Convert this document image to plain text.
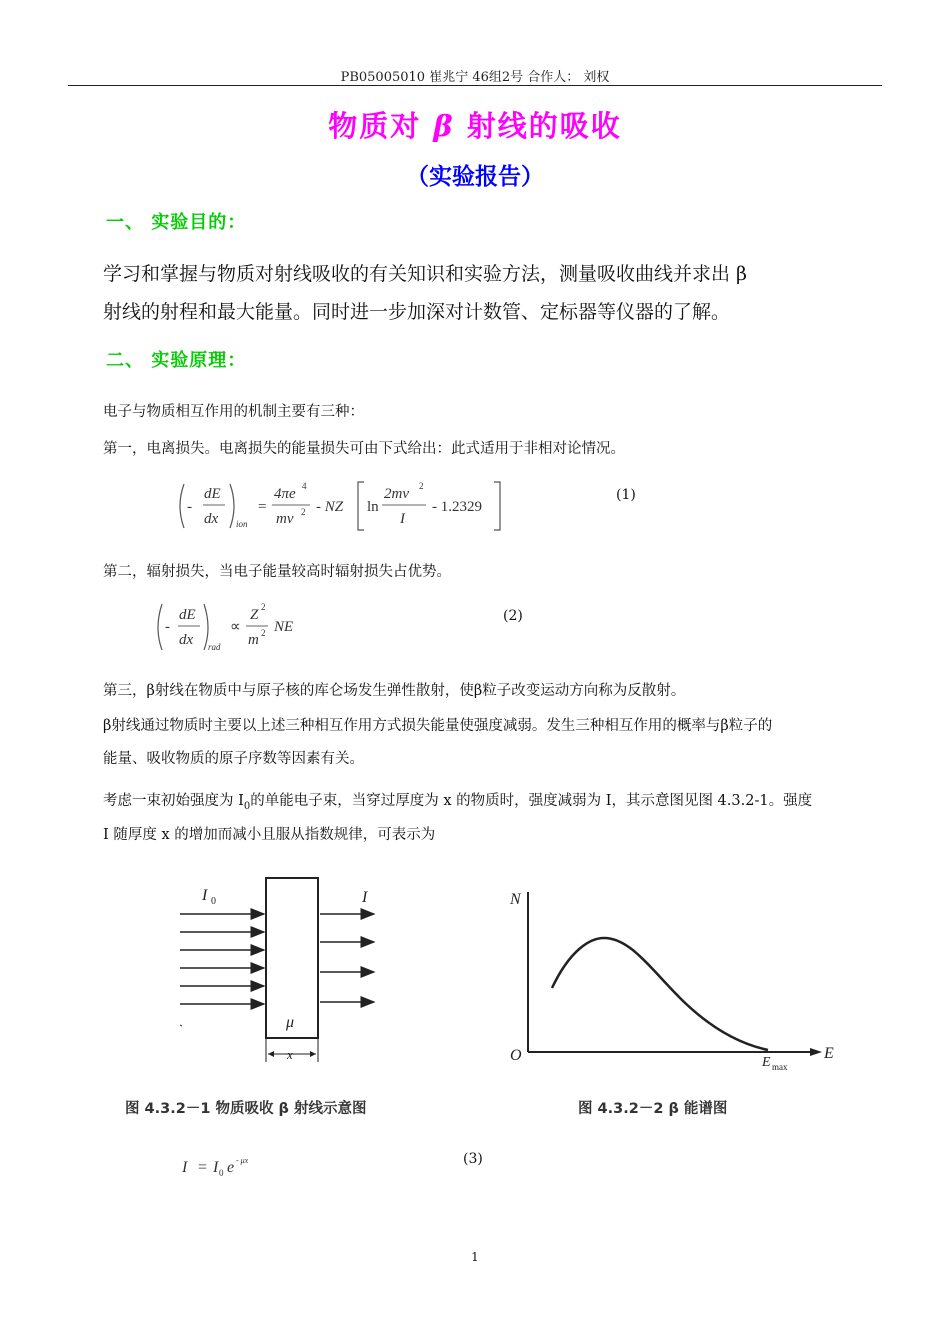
PB05005010 崔兆宁 46组2号 合作人： 刘权
物质对 β 射线的吸收
（实验报告）
一、 实验目的：
学习和掌握与物质对射线吸收的有关知识和实验方法，测量吸收曲线并求出 β
射线的射程和最大能量。同时进一步加深对计数管、定标器等仪器的了解。
二、 实验原理：
电子与物质相互作用的机制主要有三种：
第一，电离损失。电离损失的能量损失可由下式给出：此式适用于非相对论情况。
-
dE
dx ion
=
4πe 4
mv 2 - NZ ln
2mv 2
I
- 1.2329
(1)
第二，辐射损失，当电子能量较高时辐射损失占优势。
-
dE
dx rad
∝
Z 2
m 2 NE
(2)
第三，β射线在物质中与原子核的库仑场发生弹性散射，使β粒子改变运动方向称为反散射。
β射线通过物质时主要以上述三种相互作用方式损失能量使强度减弱。发生三种相互作用的概率与β粒子的
能量、吸收物质的原子序数等因素有关。
考虑一束初始强度为 $I_0$的单能电子束，当穿过厚度为 x 的物质时，强度减弱为 I，其示意图见图 4.3.2-1。强度
I 随厚度 x 的增加而减小且服从指数规律，可表示为
I 0	I
μ
x
图 4.3.2－1 物质吸收 β 射线示意图
N
O	E
E max
图 4.3.2－2 β 能谱图
I = I 0 e - μx	(3)
1
